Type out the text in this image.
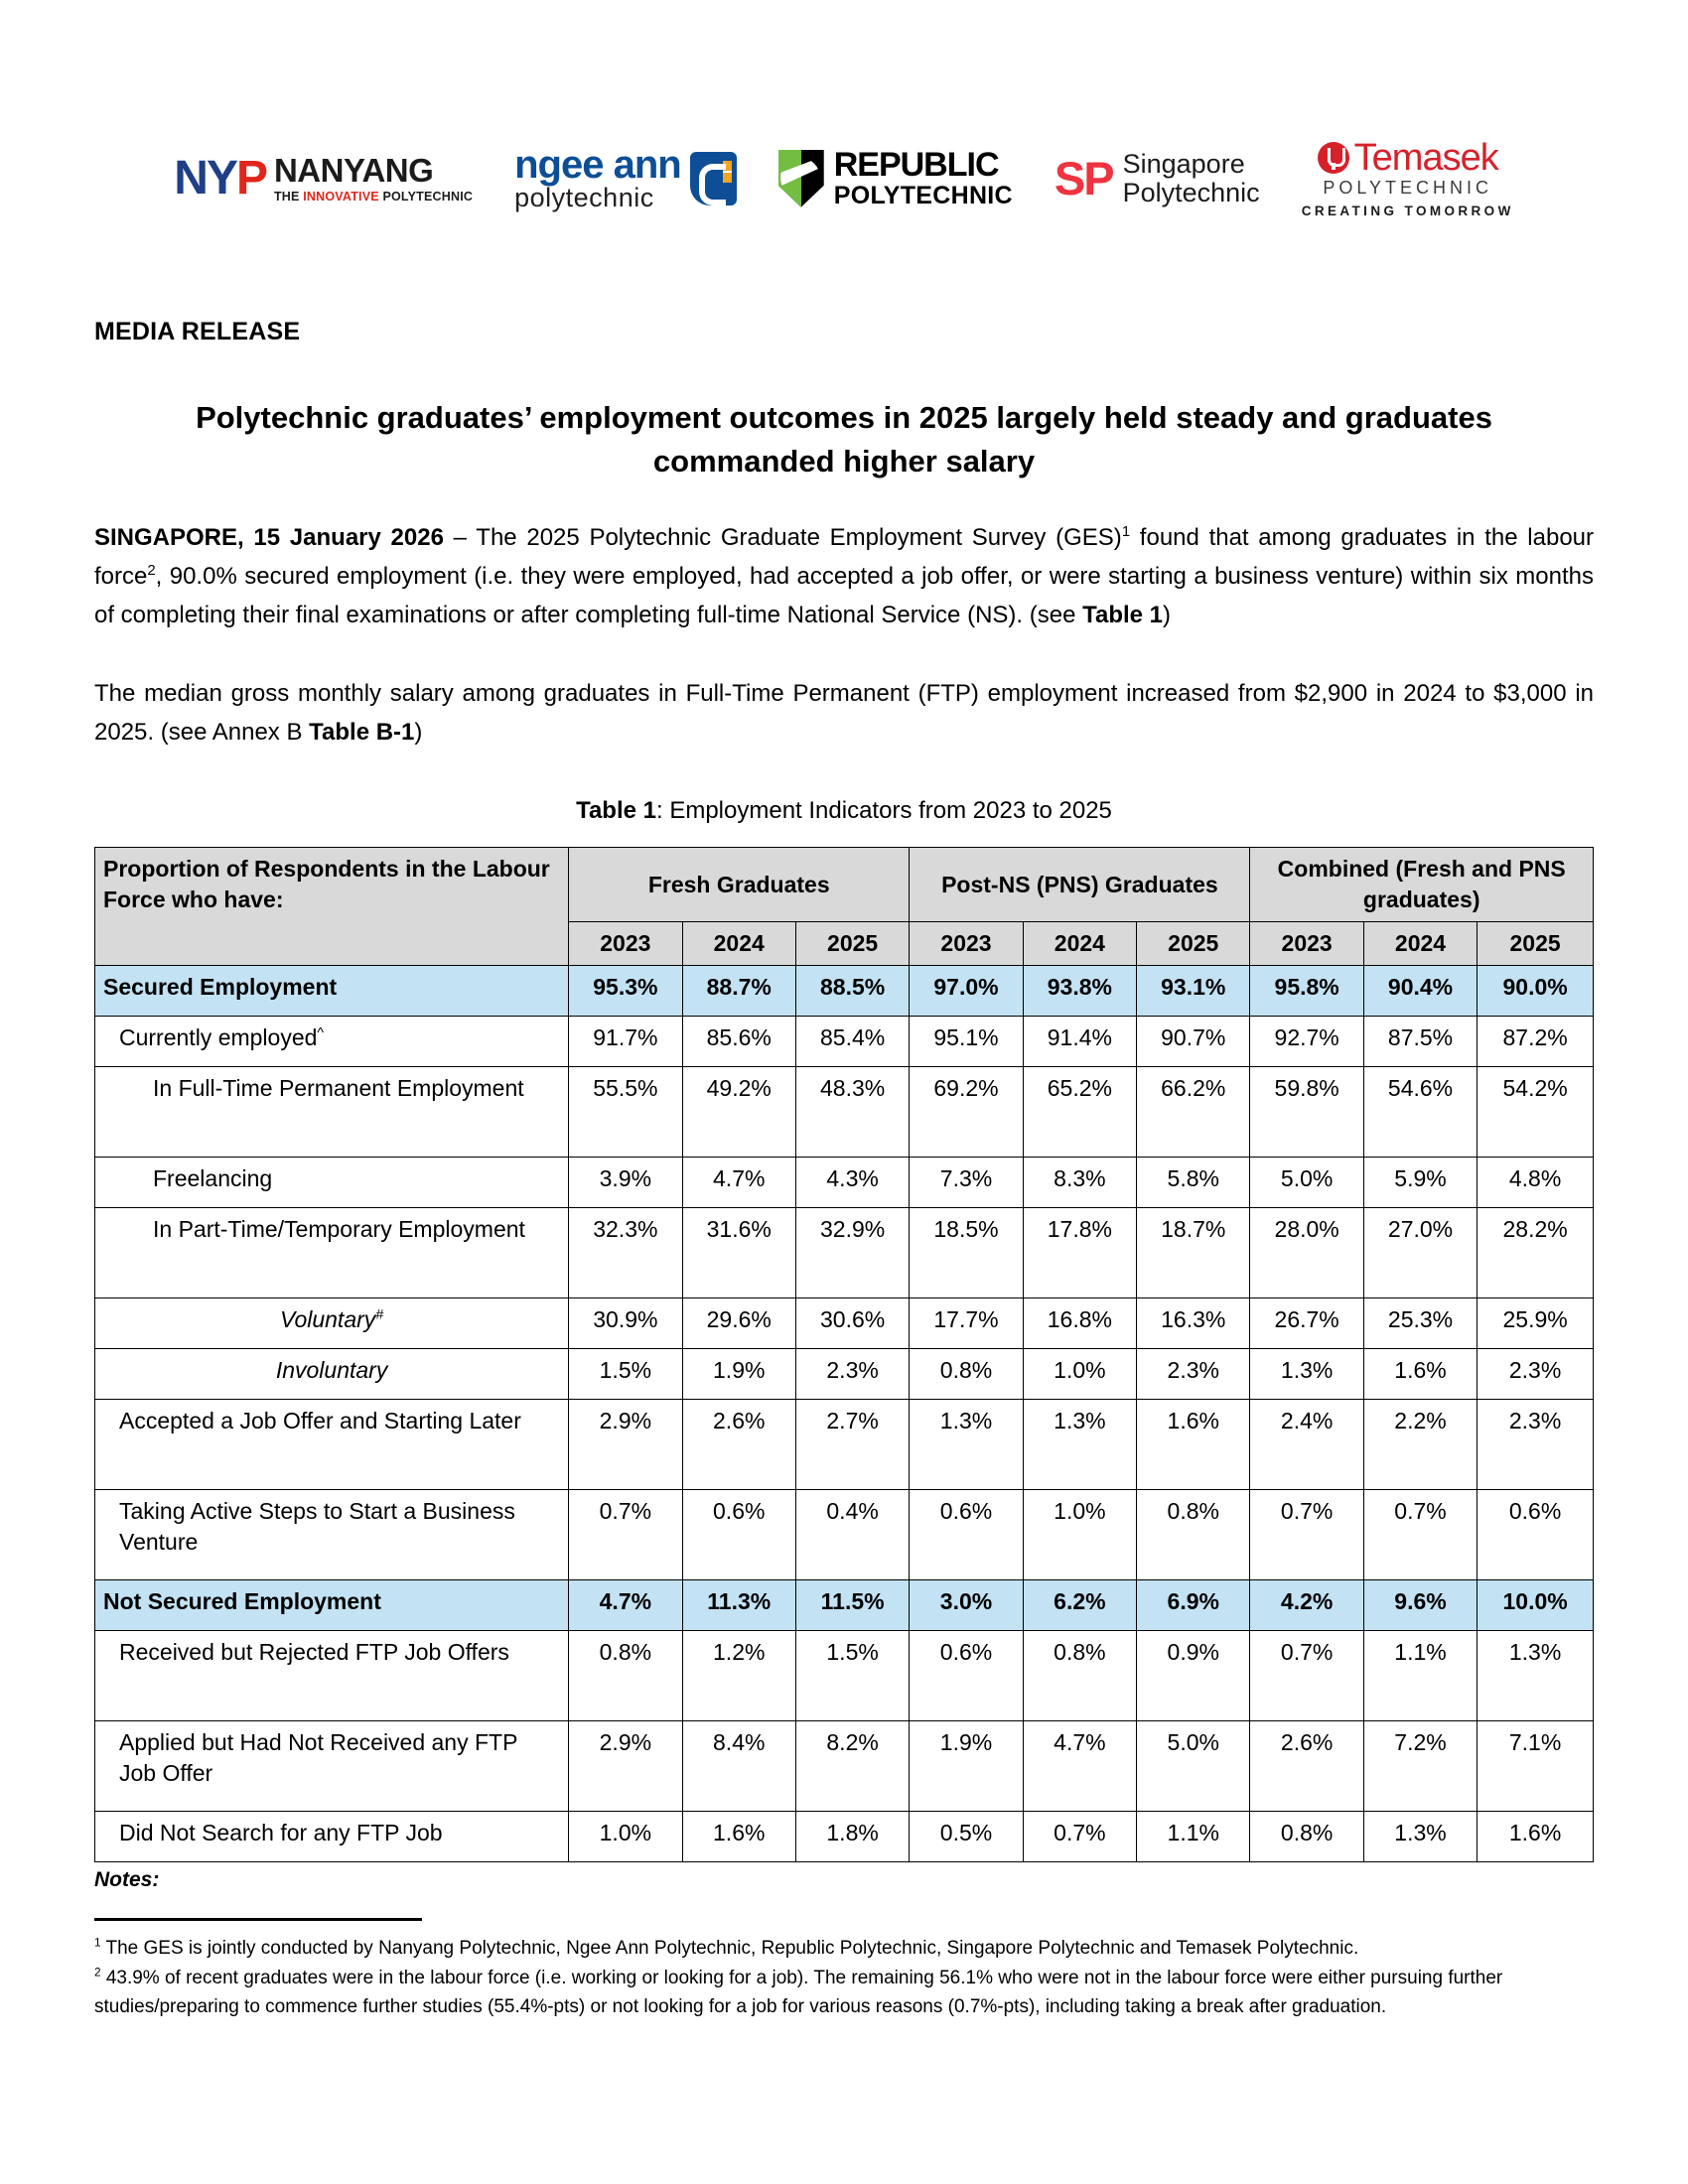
NYP NANYANG
THE INNOVATIVE POLYTECHNIC
ngee ann
polytechnic
REPUBLIC
POLYTECHNIC SP Singapore
Polytechnic
Temasek
POLYTECHNIC
CREATING TOMORROW
MEDIA RELEASE
Polytechnic graduates’ employment outcomes in 2025 largely held steady and graduates commanded higher salary

SINGAPORE, 15 January 2026 – The 2025 Polytechnic Graduate Employment Survey (GES)$^1$ found that among graduates in the labour force$^2$, 90.0% secured employment (i.e. they were employed, had accepted a job offer, or were starting a business venture) within six months of completing their final examinations or after completing full-time National Service (NS). (see Table 1)

The median gross monthly salary among graduates in Full-Time Permanent (FTP) employment increased from $2,900 in 2024 to $3,000 in 2025. (see Annex B Table B-1)

Table 1: Employment Indicators from 2023 to 2025
Proportion of Respondents in the Labour Force who have:	Fresh Graduates			Post-NS (PNS) Graduates			Combined (Fresh and PNS graduates)		
	2023	2024	2025	2023	2024	2025	2023	2024	2025
Secured Employment	95.3%	88.7%	88.5%	97.0%	93.8%	93.1%	95.8%	90.4%	90.0%
Currently employed^	91.7%	85.6%	85.4%	95.1%	91.4%	90.7%	92.7%	87.5%	87.2%
In Full-Time Permanent Employment	55.5%	49.2%	48.3%	69.2%	65.2%	66.2%	59.8%	54.6%	54.2%
Freelancing	3.9%	4.7%	4.3%	7.3%	8.3%	5.8%	5.0%	5.9%	4.8%
In Part-Time/Temporary Employment	32.3%	31.6%	32.9%	18.5%	17.8%	18.7%	28.0%	27.0%	28.2%
Voluntary#	30.9%	29.6%	30.6%	17.7%	16.8%	16.3%	26.7%	25.3%	25.9%
Involuntary	1.5%	1.9%	2.3%	0.8%	1.0%	2.3%	1.3%	1.6%	2.3%
Accepted a Job Offer and Starting Later	2.9%	2.6%	2.7%	1.3%	1.3%	1.6%	2.4%	2.2%	2.3%
Taking Active Steps to Start a Business Venture	0.7%	0.6%	0.4%	0.6%	1.0%	0.8%	0.7%	0.7%	0.6%
Not Secured Employment	4.7%	11.3%	11.5%	3.0%	6.2%	6.9%	4.2%	9.6%	10.0%
Received but Rejected FTP Job Offers	0.8%	1.2%	1.5%	0.6%	0.8%	0.9%	0.7%	1.1%	1.3%
Applied but Had Not Received any FTP Job Offer	2.9%	8.4%	8.2%	1.9%	4.7%	5.0%	2.6%	7.2%	7.1%
Did Not Search for any FTP Job	1.0%	1.6%	1.8%	0.5%	0.7%	1.1%	0.8%	1.3%	1.6%
Notes:

$^1$ The GES is jointly conducted by Nanyang Polytechnic, Ngee Ann Polytechnic, Republic Polytechnic, Singapore Polytechnic and Temasek Polytechnic.

$^2$ 43.9% of recent graduates were in the labour force (i.e. working or looking for a job). The remaining 56.1% who were not in the labour force were either pursuing further studies/preparing to commence further studies (55.4%-pts) or not looking for a job for various reasons (0.7%-pts), including taking a break after graduation.
